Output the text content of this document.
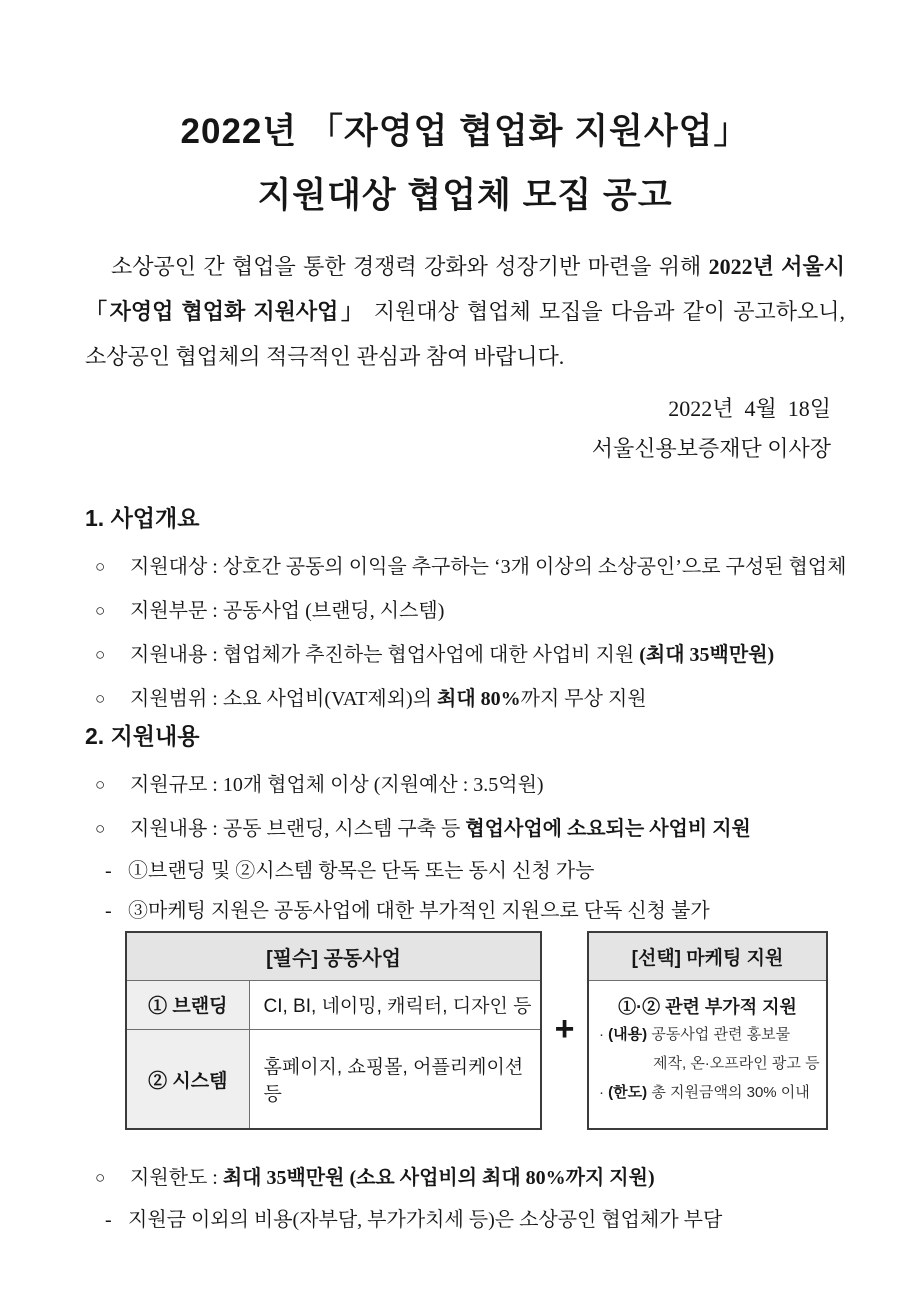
2022년 「자영업 협업화 지원사업」
지원대상 협업체 모집 공고

소상공인 간 협업을 통한 경쟁력 강화와 성장기반 마련을 위해 2022년 서울시 「자영업 협업화 지원사업」 지원대상 협업체 모집을 다음과 같이 공고하오니, 소상공인 협업체의 적극적인 관심과 참여 바랍니다.

2022년  4월  18일
서울신용보증재단 이사장
1. 사업개요
○	지원대상 : 상호간 공동의 이익을 추구하는 ‘3개 이상의 소상공인’으로 구성된 협업체
○	지원부문 : 공동사업 (브랜딩, 시스템)
○	지원내용 : 협업체가 추진하는 협업사업에 대한 사업비 지원 (최대 35백만원)
○	지원범위 : 소요 사업비(VAT제외)의 최대 80%까지 무상 지원
2. 지원내용
○	지원규모 : 10개 협업체 이상 (지원예산 : 3.5억원)
○	지원내용 : 공동 브랜딩, 시스템 구축 등 협업사업에 소요되는 사업비 지원
- ①브랜딩 및 ②시스템 항목은 단독 또는 동시 신청 가능
- ③마케팅 지원은 공동사업에 대한 부가적인 지원으로 단독 신청 불가
[필수] 공동사업	
① 브랜딩	CI, BI, 네이밍, 캐릭터, 디자인 등
② 시스템	홈페이지, 쇼핑몰, 어플리케이션 등
+
[선택] 마케팅 지원
①·② 관련 부가적 지원
· (내용) 공동사업 관련 홍보물
제작, 온·오프라인 광고 등
· (한도) 총 지원금액의 30% 이내
○	지원한도 : 최대 35백만원 (소요 사업비의 최대 80%까지 지원)
- 지원금 이외의 비용(자부담, 부가가치세 등)은 소상공인 협업체가 부담
